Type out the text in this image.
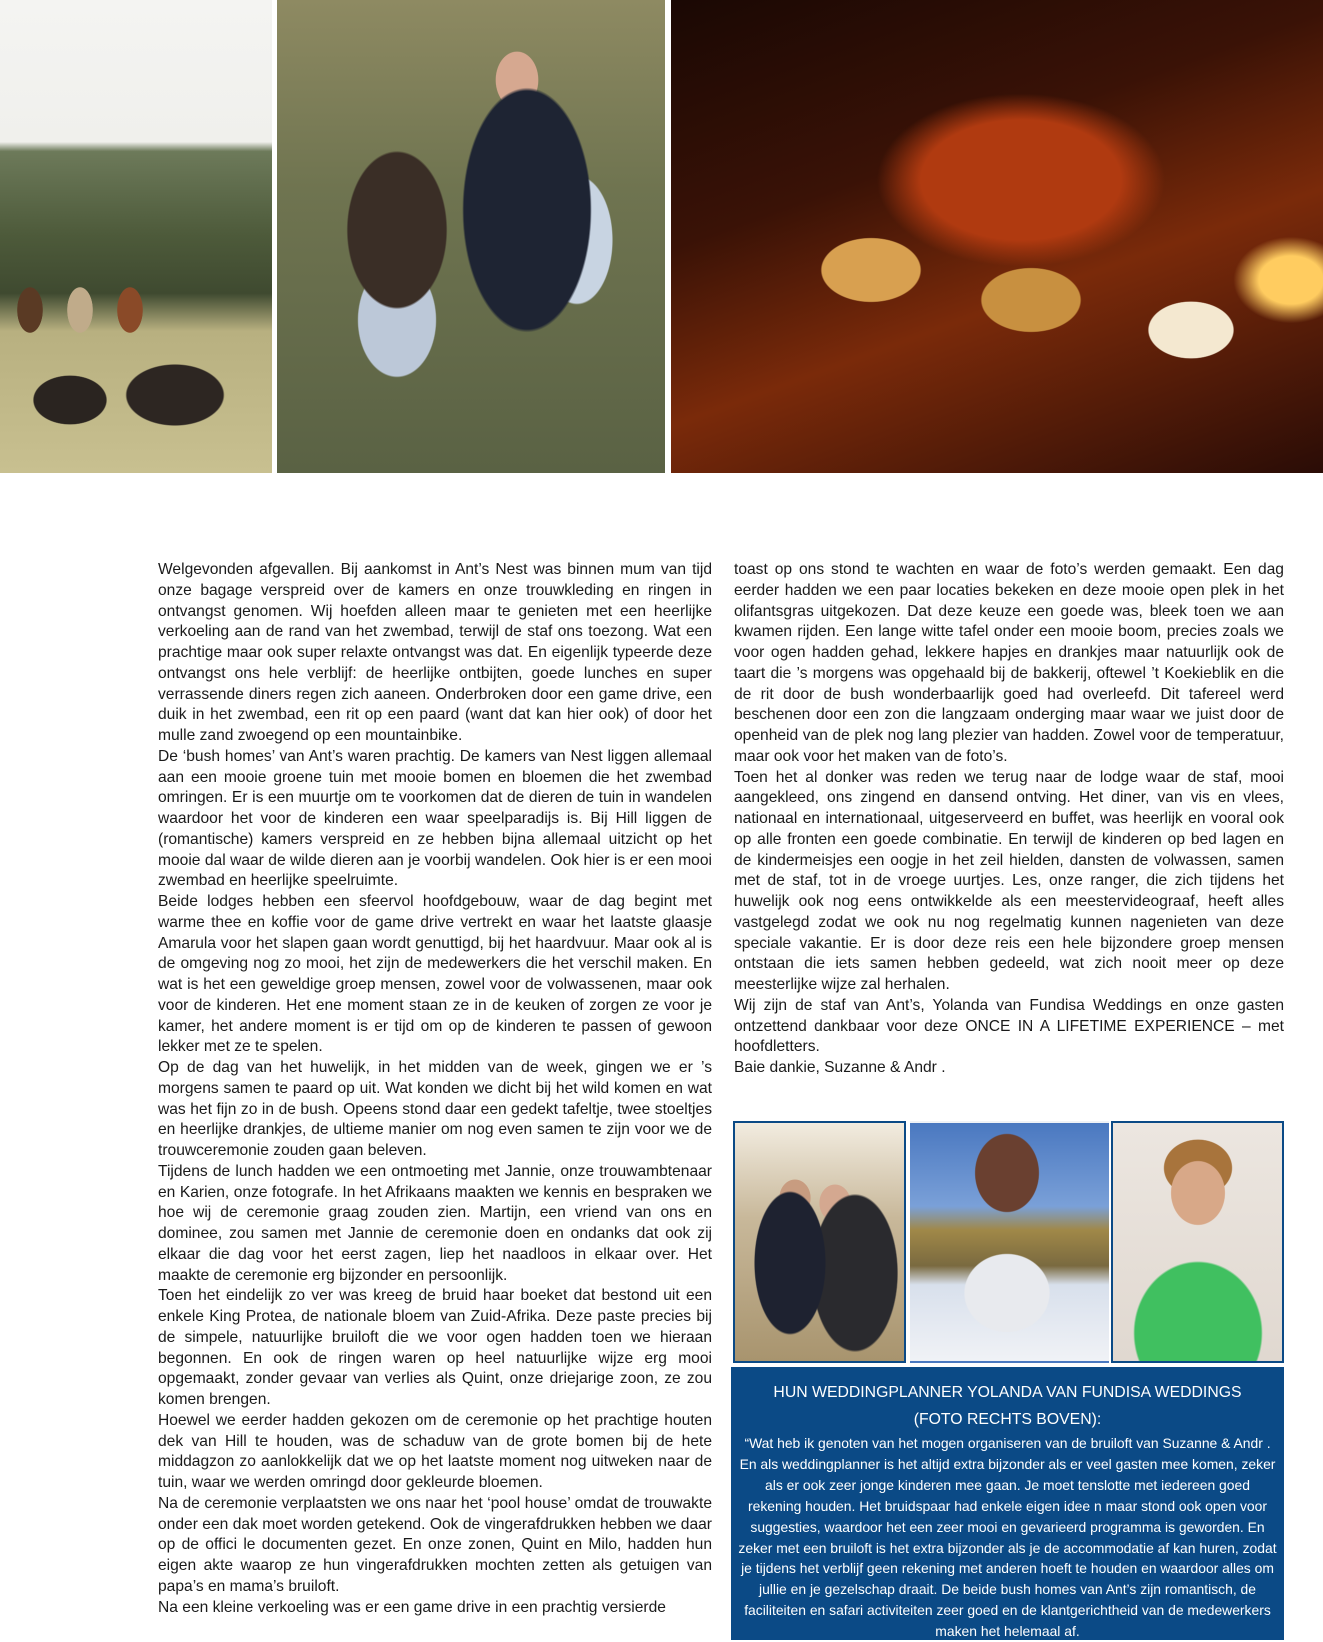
Welgevonden afgevallen. Bij aankomst in Ant’s Nest was binnen mum van tijd onze bagage verspreid over de kamers en onze trouwkleding en ringen in ontvangst genomen. Wij hoefden alleen maar te genieten met een heerlijke verkoeling aan de rand van het zwembad, terwijl de staf ons toezong. Wat een prachtige maar ook super relaxte ontvangst was dat. En eigenlijk typeerde deze ontvangst ons hele verblijf: de heerlijke ontbijten, goede lunches en super verrassende diners regen zich aaneen. Onderbroken door een game drive, een duik in het zwembad, een rit op een paard (want dat kan hier ook) of door het mulle zand zwoegend op een mountainbike.

De ‘bush homes’ van Ant’s waren prachtig. De kamers van Nest liggen allemaal aan een mooie groene tuin met mooie bomen en bloemen die het zwembad omringen. Er is een muurtje om te voorkomen dat de dieren de tuin in wandelen waardoor het voor de kinderen een waar speelparadijs is. Bij Hill liggen de (romantische) kamers verspreid en ze hebben bijna allemaal uitzicht op het mooie dal waar de wilde dieren aan je voorbij wandelen. Ook hier is er een mooi zwembad en heerlijke speelruimte.

Beide lodges hebben een sfeervol hoofdgebouw, waar de dag begint met warme thee en koffie voor de game drive vertrekt en waar het laatste glaasje Amarula voor het slapen gaan wordt genuttigd, bij het haardvuur. Maar ook al is de omgeving nog zo mooi, het zijn de medewerkers die het verschil maken. En wat is het een geweldige groep mensen, zowel voor de volwassenen, maar ook voor de kinderen. Het ene moment staan ze in de keuken of zorgen ze voor je kamer, het andere moment is er tijd om op de kinderen te passen of gewoon lekker met ze te spelen.

Op de dag van het huwelijk, in het midden van de week, gingen we er ’s morgens samen te paard op uit. Wat konden we dicht bij het wild komen en wat was het fijn zo in de bush. Opeens stond daar een gedekt tafeltje, twee stoeltjes en heerlijke drankjes, de ultieme manier om nog even samen te zijn voor we de trouwceremonie zouden gaan beleven.

Tijdens de lunch hadden we een ontmoeting met Jannie, onze trouwambtenaar en Karien, onze fotografe. In het Afrikaans maakten we kennis en bespraken we hoe wij de ceremonie graag zouden zien. Martijn, een vriend van ons en dominee, zou samen met Jannie de ceremonie doen en ondanks dat ook zij elkaar die dag voor het eerst zagen, liep het naadloos in elkaar over. Het maakte de ceremonie erg bijzonder en persoonlijk.

Toen het eindelijk zo ver was kreeg de bruid haar boeket dat bestond uit een enkele King Protea, de nationale bloem van Zuid-Afrika. Deze paste precies bij de simpele, natuurlijke bruiloft die we voor ogen hadden toen we hieraan begonnen. En ook de ringen waren op heel natuurlijke wijze erg mooi opgemaakt, zonder gevaar van verlies als Quint, onze driejarige zoon, ze zou komen brengen.

Hoewel we eerder hadden gekozen om de ceremonie op het prachtige houten dek van Hill te houden, was de schaduw van de grote bomen bij de hete middagzon zo aanlokkelijk dat we op het laatste moment nog uitweken naar de tuin, waar we werden omringd door gekleurde bloemen.

Na de ceremonie verplaatsten we ons naar het ‘pool house’ omdat de trouwakte onder een dak moet worden getekend. Ook de vingerafdrukken hebben we daar op de offici le documenten gezet. En onze zonen, Quint en Milo, hadden hun eigen akte waarop ze hun vingerafdrukken mochten zetten als getuigen van papa’s en mama’s bruiloft.

Na een kleine verkoeling was er een game drive in een prachtig versierde

toast op ons stond te wachten en waar de foto’s werden gemaakt. Een dag eerder hadden we een paar locaties bekeken en deze mooie open plek in het olifantsgras uitgekozen. Dat deze keuze een goede was, bleek toen we aan kwamen rijden. Een lange witte tafel onder een mooie boom, precies zoals we voor ogen hadden gehad, lekkere hapjes en drankjes maar natuurlijk ook de taart die ’s morgens was opgehaald bij de bakkerij, oftewel ’t Koekieblik en die de rit door de bush wonderbaarlijk goed had overleefd. Dit tafereel werd beschenen door een zon die langzaam onderging maar waar we juist door de openheid van de plek nog lang plezier van hadden. Zowel voor de temperatuur, maar ook voor het maken van de foto’s.

Toen het al donker was reden we terug naar de lodge waar de staf, mooi aangekleed, ons zingend en dansend ontving. Het diner, van vis en vlees, nationaal en internationaal, uitgeserveerd en buffet, was heerlijk en vooral ook op alle fronten een goede combinatie. En terwijl de kinderen op bed lagen en de kindermeisjes een oogje in het zeil hielden, dansten de volwassen, samen met de staf, tot in de vroege uurtjes. Les, onze ranger, die zich tijdens het huwelijk ook nog eens ontwikkelde als een meestervideograaf, heeft alles vastgelegd zodat we ook nu nog regelmatig kunnen nagenieten van deze speciale vakantie. Er is door deze reis een hele bijzondere groep mensen ontstaan die iets samen hebben gedeeld, wat zich nooit meer op deze meesterlijke wijze zal herhalen.

Wij zijn de staf van Ant’s, Yolanda van Fundisa Weddings en onze gasten ontzettend dankbaar voor deze ONCE IN A LIFETIME EXPERIENCE – met hoofdletters.

Baie dankie, Suzanne & Andr .

HUN WEDDINGPLANNER YOLANDA VAN FUNDISA WEDDINGS
(FOTO RECHTS BOVEN):

“Wat heb ik genoten van het mogen organiseren van de bruiloft van Suzanne & Andr . En als weddingplanner is het altijd extra bijzonder als er veel gasten mee komen, zeker als er ook zeer jonge kinderen mee gaan. Je moet tenslotte met iedereen goed rekening houden. Het bruidspaar had enkele eigen idee n maar stond ook open voor suggesties, waardoor het een zeer mooi en gevarieerd programma is geworden. En zeker met een bruiloft is het extra bijzonder als je de accommodatie af kan huren, zodat je tijdens het verblijf geen rekening met anderen hoeft te houden en waardoor alles om jullie en je gezelschap draait. De beide bush homes van Ant’s zijn romantisch, de faciliteiten en safari activiteiten zeer goed en de klantgerichtheid van de medewerkers maken het helemaal af.
